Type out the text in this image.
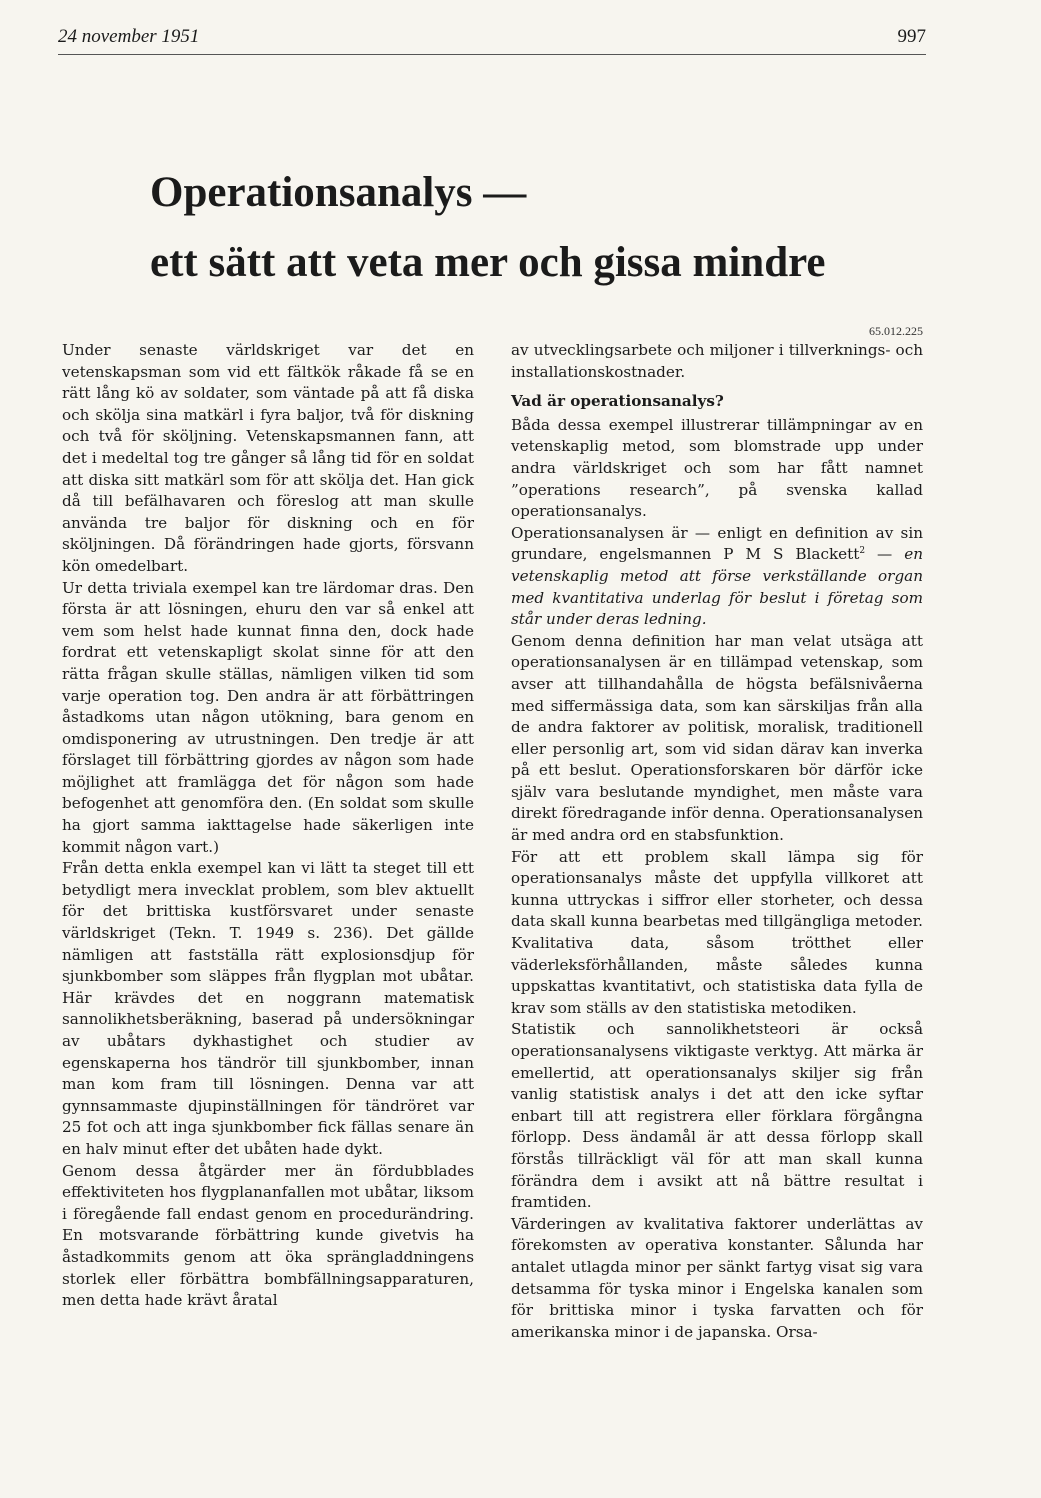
24 november 1951	997
Operationsanalys —
ett sätt att veta mer och gissa mindre

Under senaste världskriget var det en vetenskapsman som vid ett fältkök råkade få se en rätt lång kö av soldater, som väntade på att få diska och skölja sina matkärl i fyra baljor, två för diskning och två för sköljning. Vetenskapsmannen fann, att det i medeltal tog tre gånger så lång tid för en soldat att diska sitt matkärl som för att skölja det. Han gick då till befälhavaren och föreslog att man skulle använda tre baljor för diskning och en för sköljningen. Då förändringen hade gjorts, försvann kön omedelbart.

Ur detta triviala exempel kan tre lärdomar dras. Den första är att lösningen, ehuru den var så enkel att vem som helst hade kunnat finna den, dock hade fordrat ett vetenskapligt skolat sinne för att den rätta frågan skulle ställas, nämligen vilken tid som varje operation tog. Den andra är att förbättringen åstadkoms utan någon utökning, bara genom en omdisponering av utrustningen. Den tredje är att förslaget till förbättring gjordes av någon som hade möjlighet att framlägga det för någon som hade befogenhet att genomföra den. (En soldat som skulle ha gjort samma iakttagelse hade säkerligen inte kommit någon vart.)

Från detta enkla exempel kan vi lätt ta steget till ett betydligt mera invecklat problem, som blev aktuellt för det brittiska kustförsvaret under senaste världskriget (Tekn. T. 1949 s. 236). Det gällde nämligen att fastställa rätt explosionsdjup för sjunkbomber som släppes från flygplan mot ubåtar. Här krävdes det en noggrann matematisk sannolikhetsberäkning, baserad på undersökningar av ubåtars dykhastighet och studier av egenskaperna hos tändrör till sjunkbomber, innan man kom fram till lösningen. Denna var att gynnsammaste djupinställningen för tändröret var 25 fot och att inga sjunkbomber fick fällas senare än en halv minut efter det ubåten hade dykt.

Genom dessa åtgärder mer än fördubblades effektiviteten hos flygplananfallen mot ubåtar, liksom i föregående fall endast genom en procedurändring. En motsvarande förbättring kunde givetvis ha åstadkommits genom att öka sprängladdningens storlek eller förbättra bombfällningsapparaturen, men detta hade krävt åratal

65.012.225

av utvecklingsarbete och miljoner i tillverknings- och installationskostnader.

Vad är operationsanalys?

Båda dessa exempel illustrerar tillämpningar av en vetenskaplig metod, som blomstrade upp under andra världskriget och som har fått namnet ”operations research”, på svenska kallad operationsanalys.

Operationsanalysen är — enligt en definition av sin grundare, engelsmannen P M S Blackett$^2$ — en vetenskaplig metod att förse verkställande organ med kvantitativa underlag för beslut i företag som står under deras ledning.

Genom denna definition har man velat utsäga att operationsanalysen är en tillämpad vetenskap, som avser att tillhandahålla de högsta befälsnivåerna med siffermässiga data, som kan särskiljas från alla de andra faktorer av politisk, moralisk, traditionell eller personlig art, som vid sidan därav kan inverka på ett beslut. Operationsforskaren bör därför icke själv vara beslutande myndighet, men måste vara direkt föredragande inför denna. Operationsanalysen är med andra ord en stabsfunktion.

För att ett problem skall lämpa sig för operationsanalys måste det uppfylla villkoret att kunna uttryckas i siffror eller storheter, och dessa data skall kunna bearbetas med tillgängliga metoder. Kvalitativa data, såsom trötthet eller väderleksförhållanden, måste således kunna uppskattas kvantitativt, och statistiska data fylla de krav som ställs av den statistiska metodiken.

Statistik och sannolikhetsteori är också operationsanalysens viktigaste verktyg. Att märka är emellertid, att operationsanalys skiljer sig från vanlig statistisk analys i det att den icke syftar enbart till att registrera eller förklara förgångna förlopp. Dess ändamål är att dessa förlopp skall förstås tillräckligt väl för att man skall kunna förändra dem i avsikt att nå bättre resultat i framtiden.

Värderingen av kvalitativa faktorer underlättas av förekomsten av operativa konstanter. Sålunda har antalet utlagda minor per sänkt fartyg visat sig vara detsamma för tyska minor i Engelska kanalen som för brittiska minor i tyska farvatten och för amerikanska minor i de japanska. Orsa-
